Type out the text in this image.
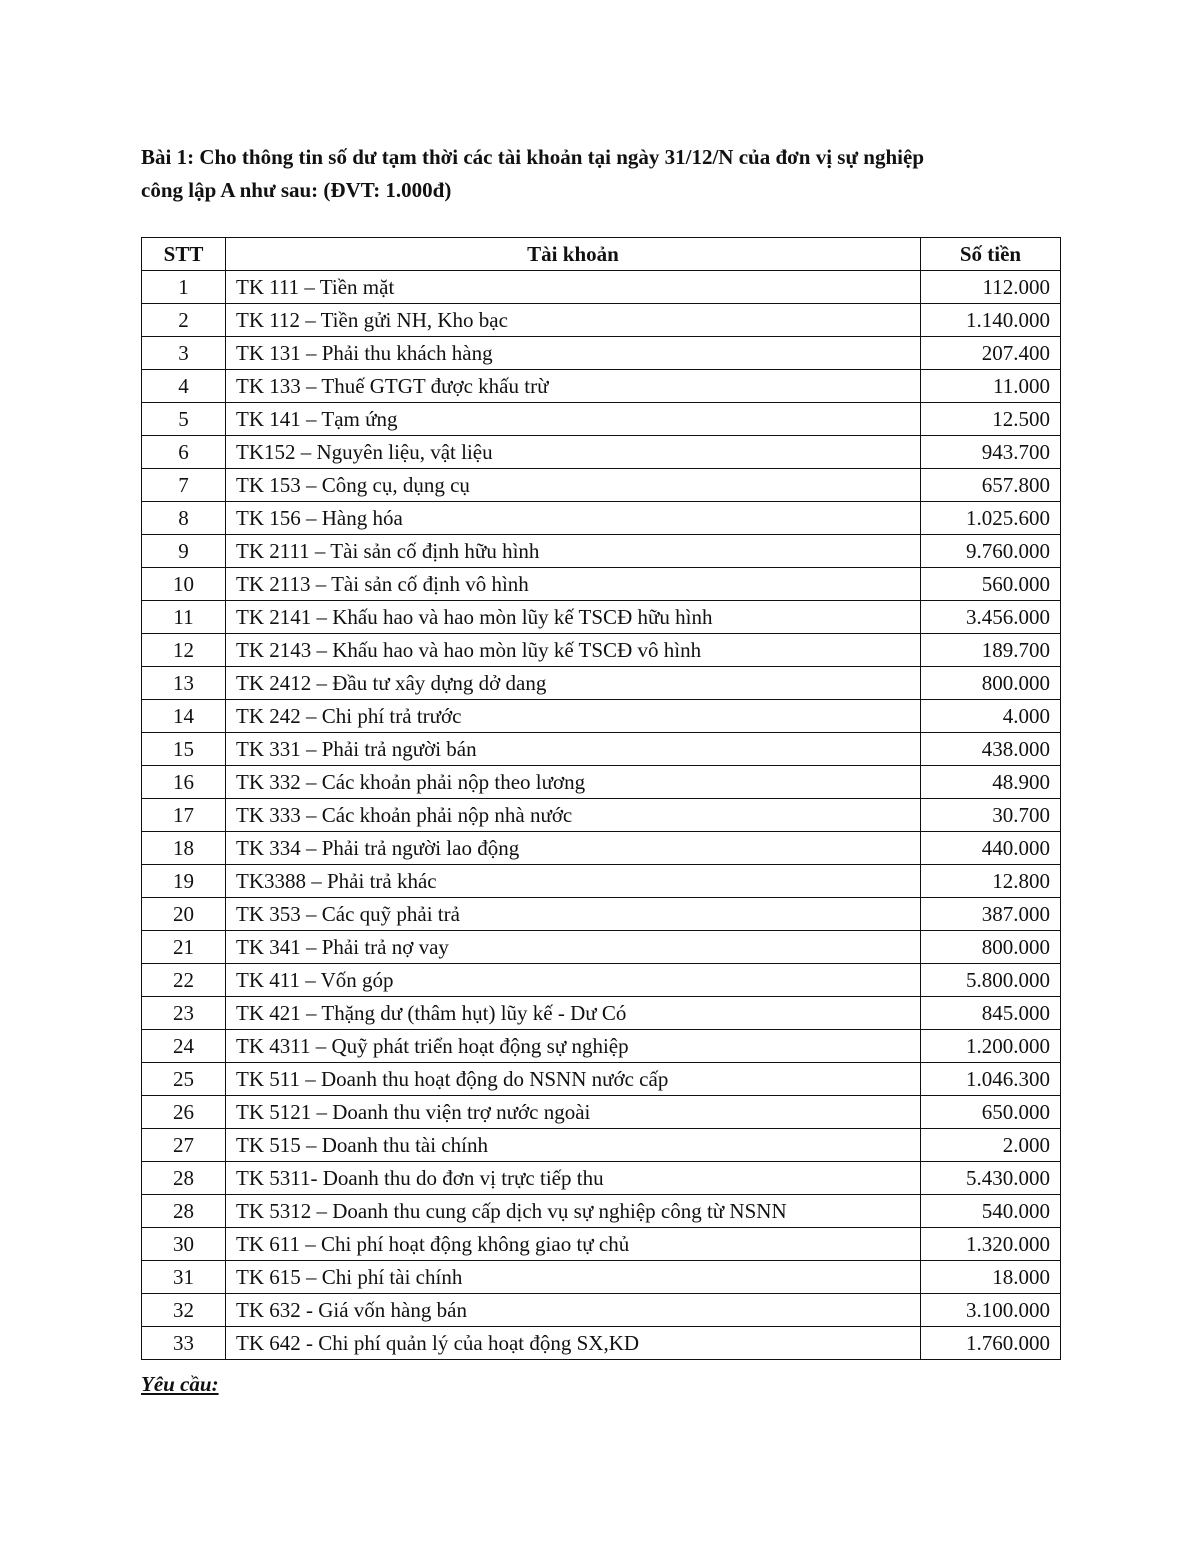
Bài 1: Cho thông tin số dư tạm thời các tài khoản tại ngày 31/12/N của đơn vị sự nghiệp
công lập A như sau: (ĐVT: 1.000đ)
STT	Tài khoản	Số tiền
1	TK 111 – Tiền mặt	112.000
2	TK 112 – Tiền gửi NH, Kho bạc	1.140.000
3	TK 131 – Phải thu khách hàng	207.400
4	TK 133 – Thuế GTGT được khấu trừ	11.000
5	TK 141 – Tạm ứng	12.500
6	TK152 – Nguyên liệu, vật liệu	943.700
7	TK 153 – Công cụ, dụng cụ	657.800
8	TK 156 – Hàng hóa	1.025.600
9	TK 2111 – Tài sản cố định hữu hình	9.760.000
10	TK 2113 – Tài sản cố định vô hình	560.000
11	TK 2141 – Khấu hao và hao mòn lũy kế TSCĐ hữu hình	3.456.000
12	TK 2143 – Khấu hao và hao mòn lũy kế TSCĐ vô hình	189.700
13	TK 2412 – Đầu tư xây dựng dở dang	800.000
14	TK 242 – Chi phí trả trước	4.000
15	TK 331 – Phải trả người bán	438.000
16	TK 332 – Các khoản phải nộp theo lương	48.900
17	TK 333 – Các khoản phải nộp nhà nước	30.700
18	TK 334 – Phải trả người lao động	440.000
19	TK3388 – Phải trả khác	12.800
20	TK 353 – Các quỹ phải trả	387.000
21	TK 341 – Phải trả nợ vay	800.000
22	TK 411 – Vốn góp	5.800.000
23	TK 421 – Thặng dư (thâm hụt) lũy kế - Dư Có	845.000
24	TK 4311 – Quỹ phát triển hoạt động sự nghiệp	1.200.000
25	TK 511 – Doanh thu hoạt động do NSNN nước cấp	1.046.300
26	TK 5121 – Doanh thu viện trợ nước ngoài	650.000
27	TK 515 – Doanh thu tài chính	2.000
28	TK 5311- Doanh thu do đơn vị trực tiếp thu	5.430.000
28	TK 5312 – Doanh thu cung cấp dịch vụ sự nghiệp công từ NSNN	540.000
30	TK 611 – Chi phí hoạt động không giao tự chủ	1.320.000
31	TK 615 – Chi phí tài chính	18.000
32	TK 632 - Giá vốn hàng bán	3.100.000
33	TK 642 - Chi phí quản lý của hoạt động SX,KD	1.760.000

Yêu cầu:
